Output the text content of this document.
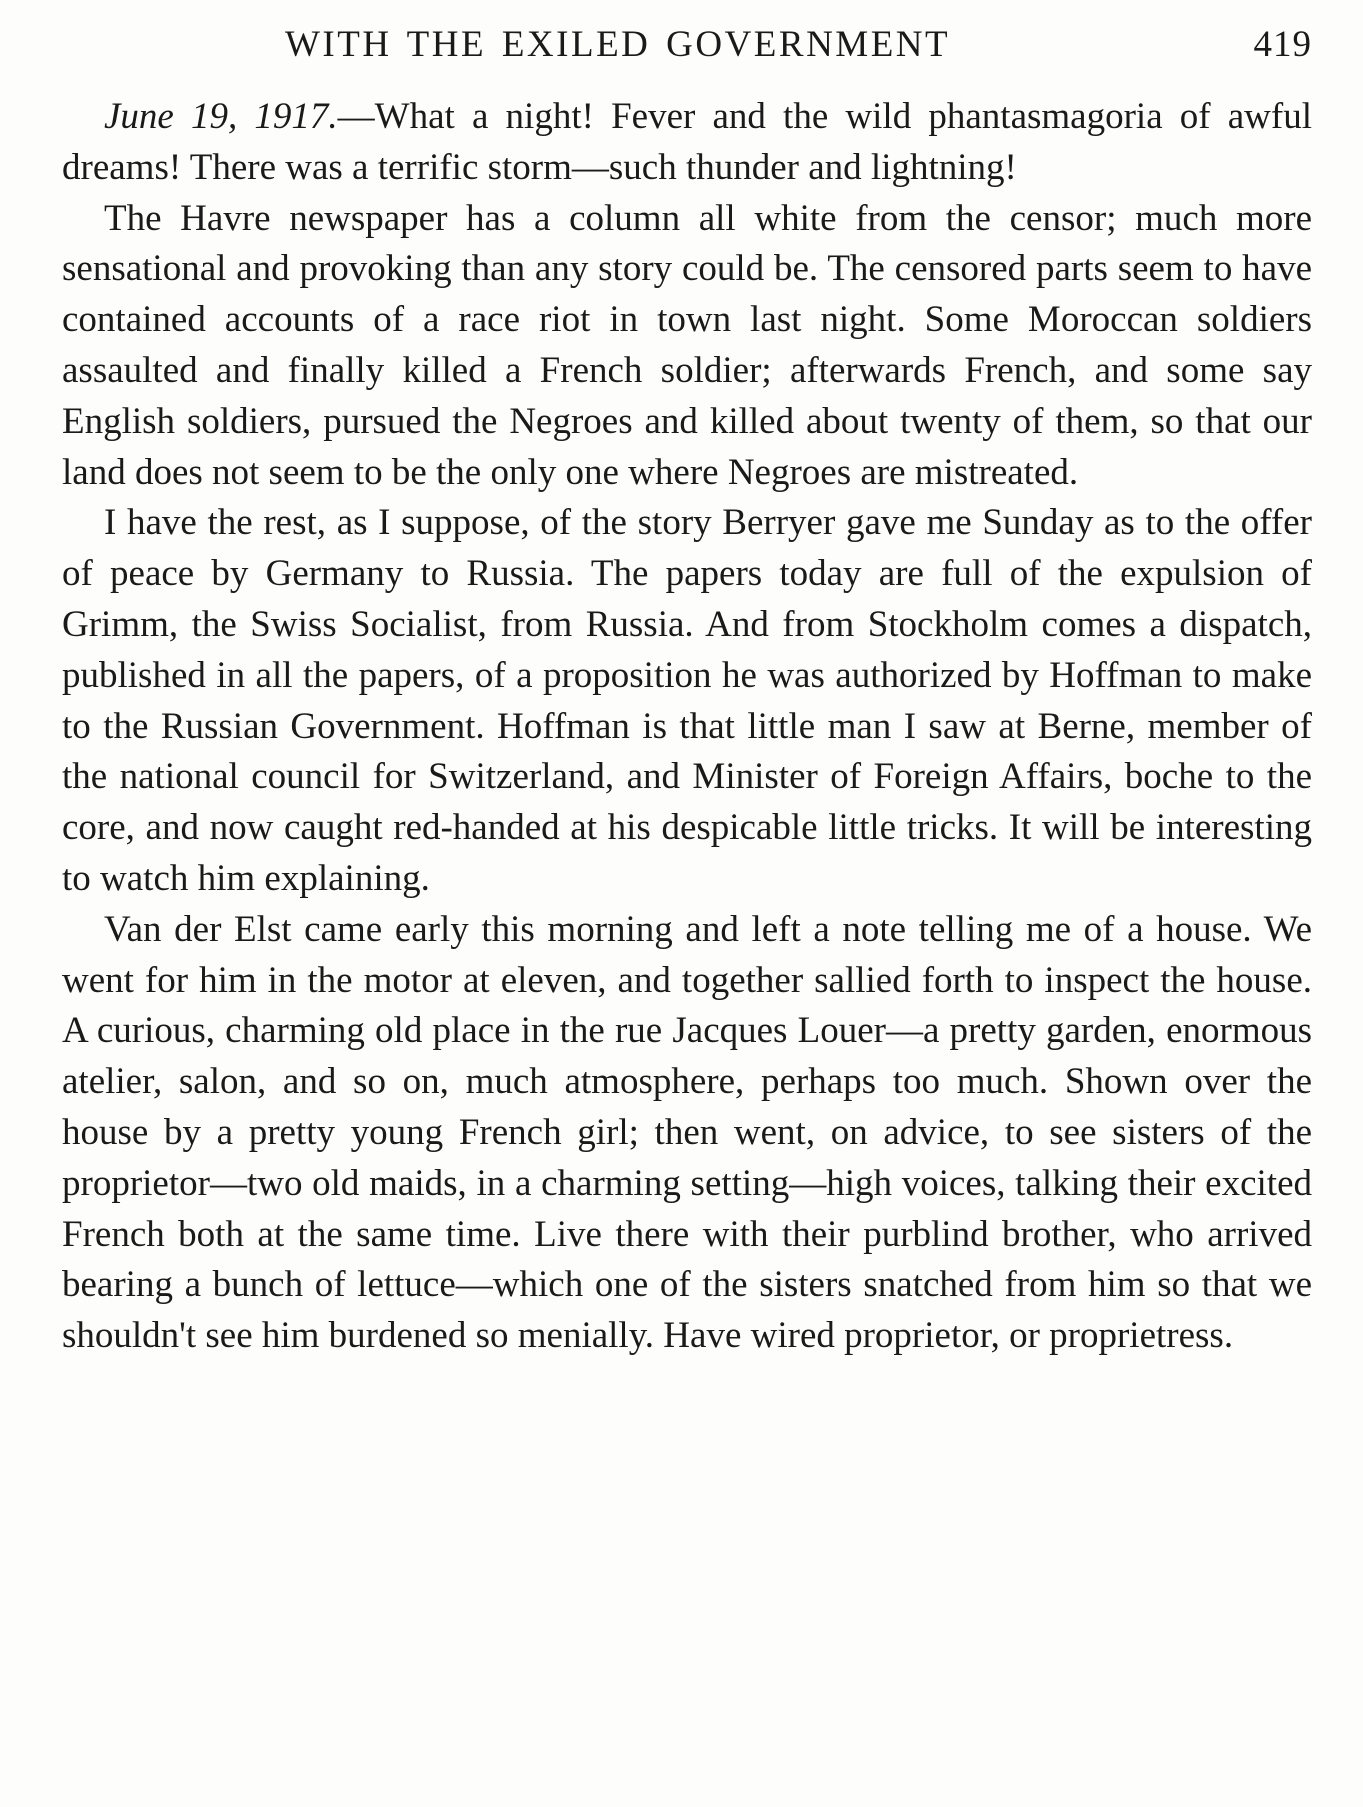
WITH THE EXILED GOVERNMENT	419

June 19, 1917.—What a night! Fever and the wild phantasmagoria of awful dreams! There was a terrific storm—such thunder and lightning!

The Havre newspaper has a column all white from the censor; much more sensational and provoking than any story could be. The censored parts seem to have contained accounts of a race riot in town last night. Some Moroccan soldiers assaulted and finally killed a French soldier; afterwards French, and some say English soldiers, pursued the Negroes and killed about twenty of them, so that our land does not seem to be the only one where Negroes are mistreated.

I have the rest, as I suppose, of the story Berryer gave me Sunday as to the offer of peace by Germany to Russia. The papers today are full of the expulsion of Grimm, the Swiss Socialist, from Russia. And from Stockholm comes a dispatch, published in all the papers, of a proposition he was authorized by Hoffman to make to the Russian Government. Hoffman is that little man I saw at Berne, member of the national council for Switzerland, and Minister of Foreign Affairs, boche to the core, and now caught red-handed at his despicable little tricks. It will be interesting to watch him explaining.

Van der Elst came early this morning and left a note telling me of a house. We went for him in the motor at eleven, and together sallied forth to inspect the house. A curious, charming old place in the rue Jacques Louer—a pretty garden, enormous atelier, salon, and so on, much atmosphere, perhaps too much. Shown over the house by a pretty young French girl; then went, on advice, to see sisters of the proprietor—two old maids, in a charming setting—high voices, talking their excited French both at the same time. Live there with their purblind brother, who arrived bearing a bunch of lettuce—which one of the sisters snatched from him so that we shouldn't see him burdened so menially. Have wired proprietor, or proprietress.
